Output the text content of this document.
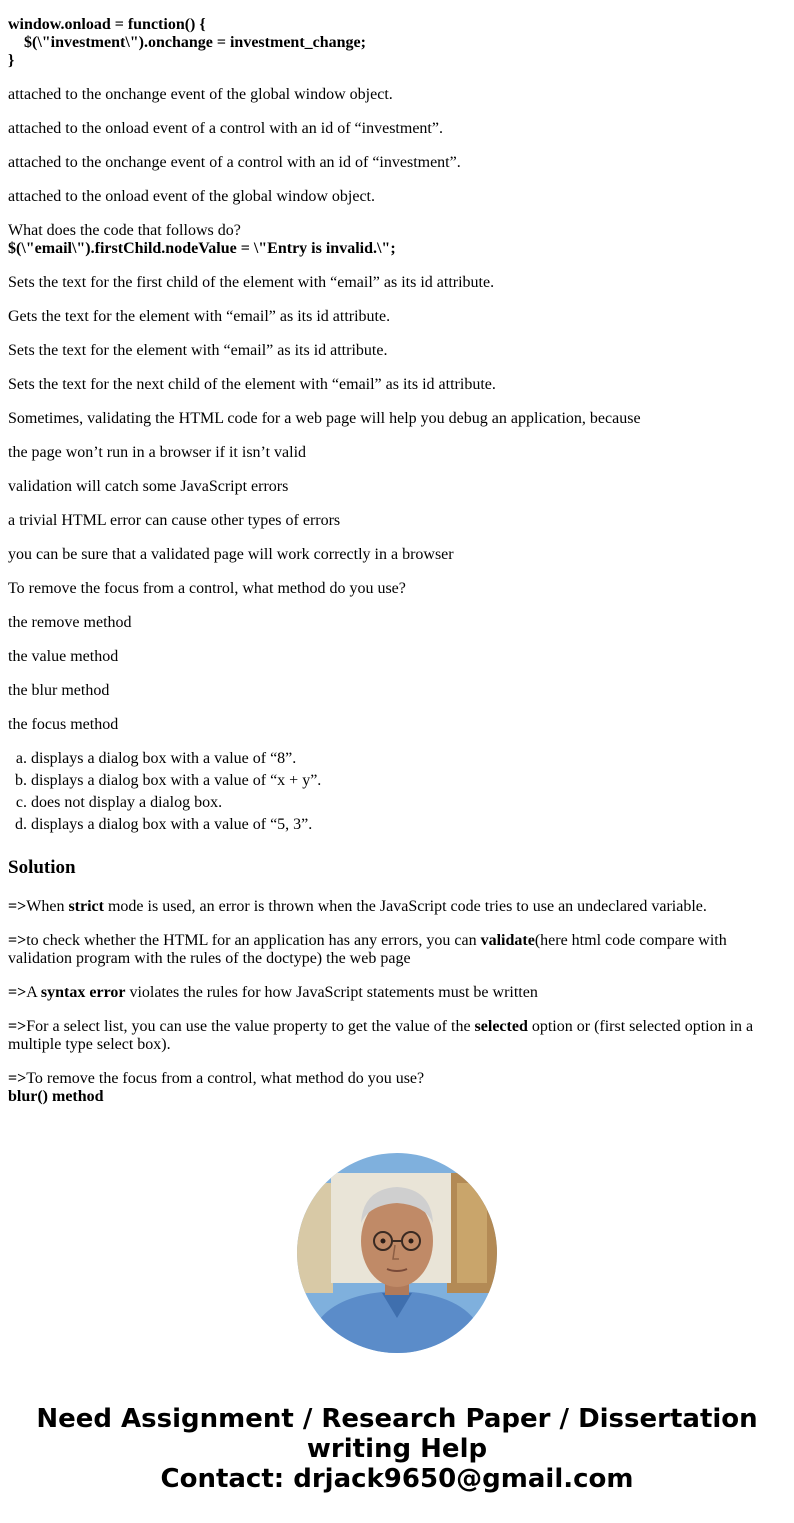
window.onload = function() {
$(\"investment\").onchange = investment_change;
}

attached to the onchange event of the global window object.

attached to the onload event of a control with an id of “investment”.

attached to the onchange event of a control with an id of “investment”.

attached to the onload event of the global window object.

What does the code that follows do?
$(\"email\").firstChild.nodeValue = \"Entry is invalid.\";

Sets the text for the first child of the element with “email” as its id attribute.

Gets the text for the element with “email” as its id attribute.

Sets the text for the element with “email” as its id attribute.

Sets the text for the next child of the element with “email” as its id attribute.

Sometimes, validating the HTML code for a web page will help you debug an application, because

the page won’t run in a browser if it isn’t valid

validation will catch some JavaScript errors

a trivial HTML error can cause other types of errors

you can be sure that a validated page will work correctly in a browser

To remove the focus from a control, what method do you use?

the remove method

the value method

the blur method

the focus method

a. displays a dialog box with a value of “8”.
b. displays a dialog box with a value of “x + y”.
c. does not display a dialog box.
d. displays a dialog box with a value of “5, 3”.
Solution

=>When strict mode is used, an error is thrown when the JavaScript code tries to use an undeclared variable.

=>to check whether the HTML for an application has any errors, you can validate(here html code compare with validation program with the rules of the doctype) the web page

=>A syntax error violates the rules for how JavaScript statements must be written

=>For a select list, you can use the value property to get the value of the selected option or (first selected option in a multiple type select box).

=>To remove the focus from a control, what method do you use?
blur() method

Need Assignment / Research Paper / Dissertation
writing Help
Contact: drjack9650@gmail.com
